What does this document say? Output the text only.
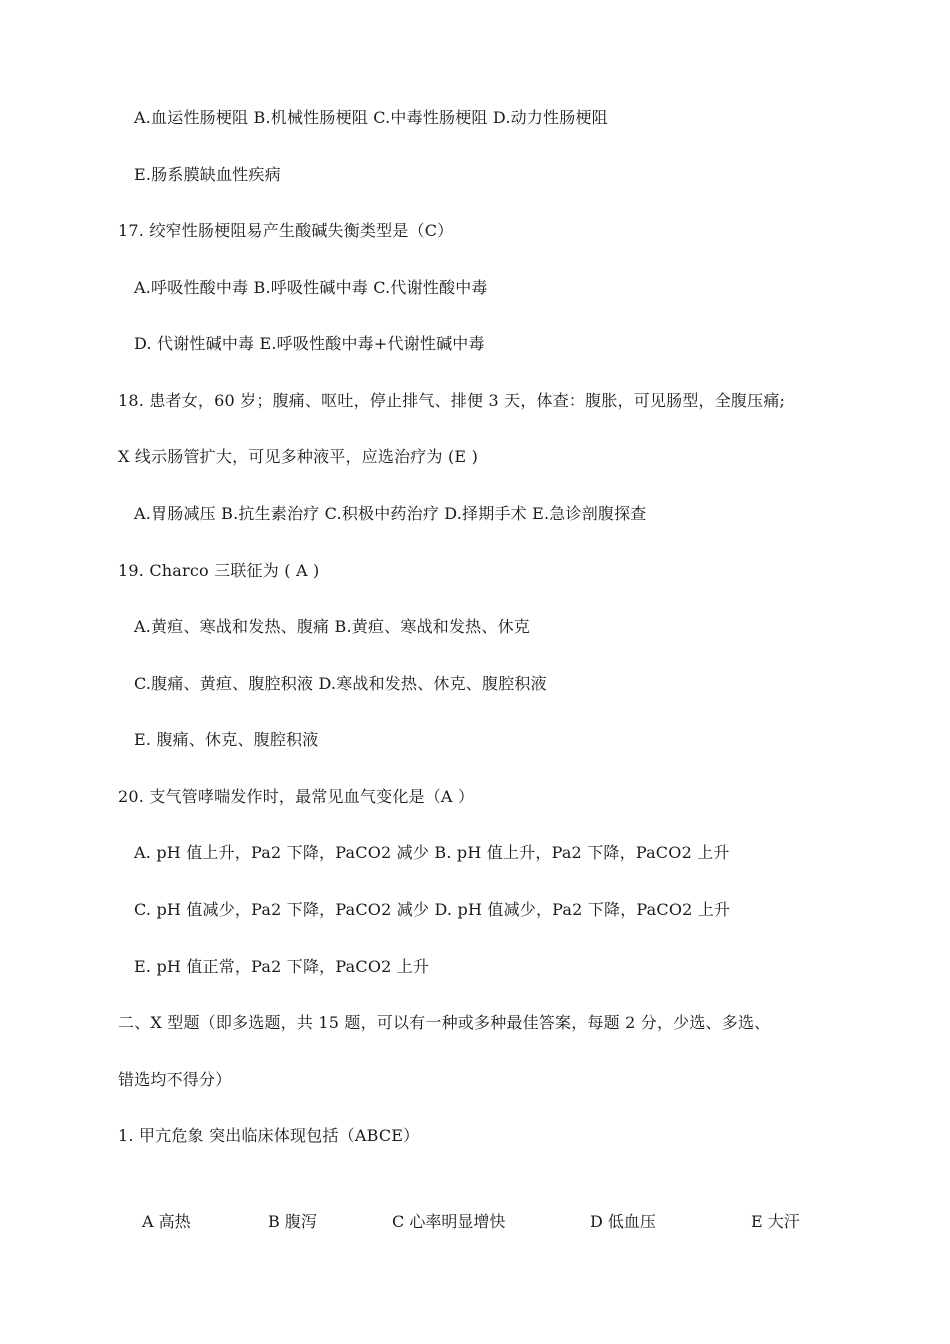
A.血运性肠梗阻 B.机械性肠梗阻 C.中毒性肠梗阻 D.动力性肠梗阻
E.肠系膜缺血性疾病
17. 绞窄性肠梗阻易产生酸碱失衡类型是（C）
A.呼吸性酸中毒 B.呼吸性碱中毒 C.代谢性酸中毒
D. 代谢性碱中毒 E.呼吸性酸中毒+代谢性碱中毒
18. 患者女，60 岁；腹痛、呕吐，停止排气、排便 3 天，体查：腹胀，可见肠型，全腹压痛;
X 线示肠管扩大，可见多种液平，应选治疗为 (E )
A.胃肠减压 B.抗生素治疗 C.积极中药治疗 D.择期手术 E.急诊剖腹探查
19. Charco 三联征为 ( A )
A.黄疸、寒战和发热、腹痛 B.黄疸、寒战和发热、休克
C.腹痛、黄疸、腹腔积液 D.寒战和发热、休克、腹腔积液
E. 腹痛、休克、腹腔积液
20. 支气管哮喘发作时，最常见血气变化是（A ）
A. pH 值上升，Pa2 下降，PaCO2 减少 B. pH 值上升，Pa2 下降，PaCO2 上升
C. pH 值减少，Pa2 下降，PaCO2 减少 D. pH 值减少，Pa2 下降，PaCO2 上升
E. pH 值正常，Pa2 下降，PaCO2 上升
二、X 型题（即多选题，共 15 题，可以有一种或多种最佳答案，每题 2 分，少选、多选、
错选均不得分）
1. 甲亢危象 突出临床体现包括（ABCE）
A 高热	B 腹泻	C 心率明显增快	D 低血压	E 大汗
